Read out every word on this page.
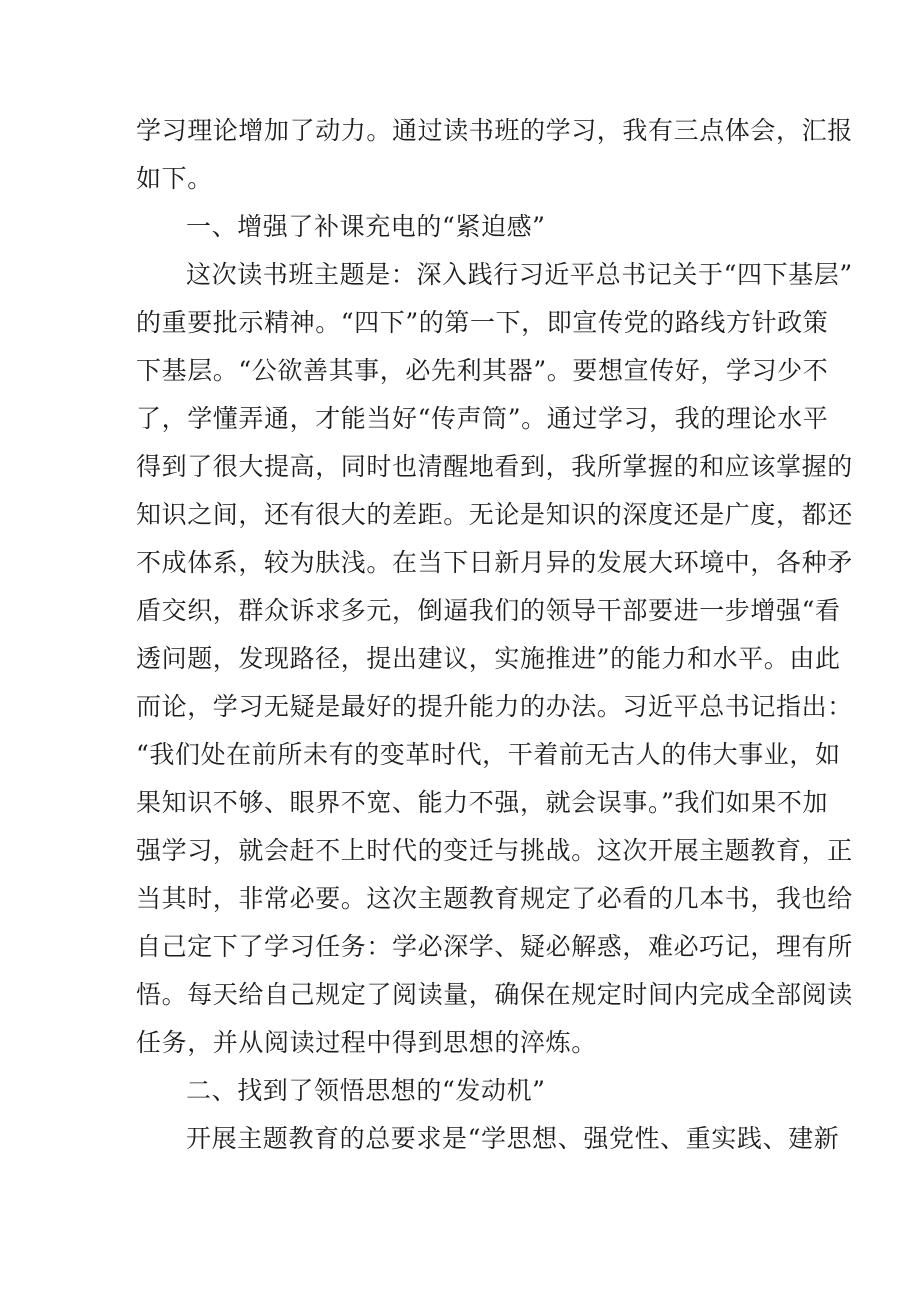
学习理论增加了动力。通过读书班的学习，我有三点体会，汇报
如下。
一、增强了补课充电的“紧迫感”
这次读书班主题是：深入践行习近平总书记关于“四下基层”
的重要批示精神。“四下”的第一下，即宣传党的路线方针政策
下基层。“公欲善其事，必先利其器”。要想宣传好，学习少不
了，学懂弄通，才能当好“传声筒”。通过学习，我的理论水平
得到了很大提高，同时也清醒地看到，我所掌握的和应该掌握的
知识之间，还有很大的差距。无论是知识的深度还是广度，都还
不成体系，较为肤浅。在当下日新月异的发展大环境中，各种矛
盾交织，群众诉求多元，倒逼我们的领导干部要进一步增强“看
透问题，发现路径，提出建议，实施推进”的能力和水平。由此
而论，学习无疑是最好的提升能力的办法。习近平总书记指出：
“我们处在前所未有的变革时代，干着前无古人的伟大事业，如
果知识不够、眼界不宽、能力不强，就会误事。”我们如果不加
强学习，就会赶不上时代的变迁与挑战。这次开展主题教育，正
当其时，非常必要。这次主题教育规定了必看的几本书，我也给
自己定下了学习任务：学必深学、疑必解惑，难必巧记，理有所
悟。每天给自己规定了阅读量，确保在规定时间内完成全部阅读
任务，并从阅读过程中得到思想的淬炼。
二、找到了领悟思想的“发动机”
开展主题教育的总要求是“学思想、强党性、重实践、建新
